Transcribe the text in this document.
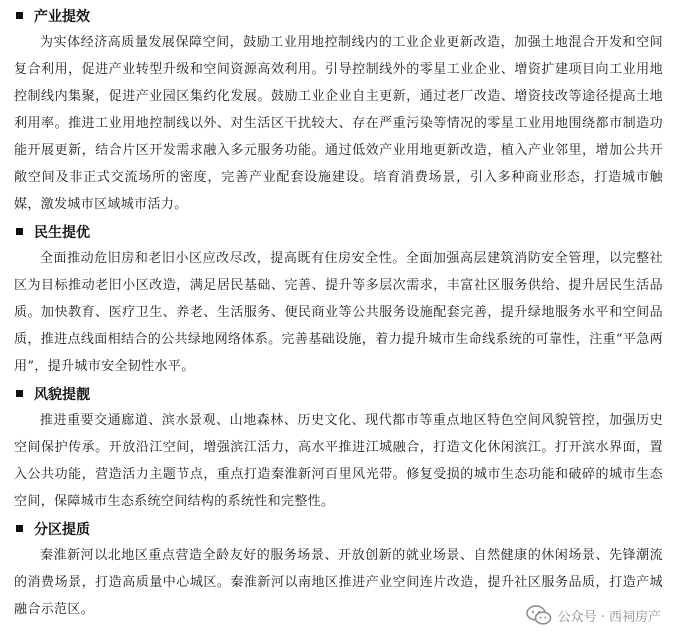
产业提效

为实体经济高质量发展保障空间，鼓励工业用地控制线内的工业企业更新改造，加强土地混合开发和空间复合利用，促进产业转型升级和空间资源高效利用。引导控制线外的零星工业企业、增资扩建项目向工业用地控制线内集聚，促进产业园区集约化发展。鼓励工业企业自主更新，通过老厂改造、增资技改等途径提高土地利用率。推进工业用地控制线以外、对生活区干扰较大、存在严重污染等情况的零星工业用地围绕都市制造功能开展更新，结合片区开发需求融入多元服务功能。通过低效产业用地更新改造，植入产业邻里，增加公共开敞空间及非正式交流场所的密度，完善产业配套设施建设。培育消费场景，引入多种商业形态，打造城市触媒，激发城市区域城市活力。

民生提优

全面推动危旧房和老旧小区应改尽改，提高既有住房安全性。全面加强高层建筑消防安全管理，以完整社区为目标推动老旧小区改造，满足居民基础、完善、提升等多层次需求，丰富社区服务供给、提升居民生活品质。加快教育、医疗卫生、养老、生活服务、便民商业等公共服务设施配套完善，提升绿地服务水平和空间品质，推进点线面相结合的公共绿地网络体系。完善基础设施，着力提升城市生命线系统的可靠性，注重“平急两用”，提升城市安全韧性水平。

风貌提靓

推进重要交通廊道、滨水景观、山地森林、历史文化、现代都市等重点地区特色空间风貌管控，加强历史空间保护传承。开放沿江空间，增强滨江活力，高水平推进江城融合，打造文化休闲滨江。打开滨水界面，置入公共功能，营造活力主题节点，重点打造秦淮新河百里风光带。修复受损的城市生态功能和破碎的城市生态空间，保障城市生态系统空间结构的系统性和完整性。

分区提质

秦淮新河以北地区重点营造全龄友好的服务场景、开放创新的就业场景、自然健康的休闲场景、先锋潮流的消费场景，打造高质量中心城区。秦淮新河以南地区推进产业空间连片改造，提升社区服务品质，打造产城融合示范区。	公众号 · 西祠房产
